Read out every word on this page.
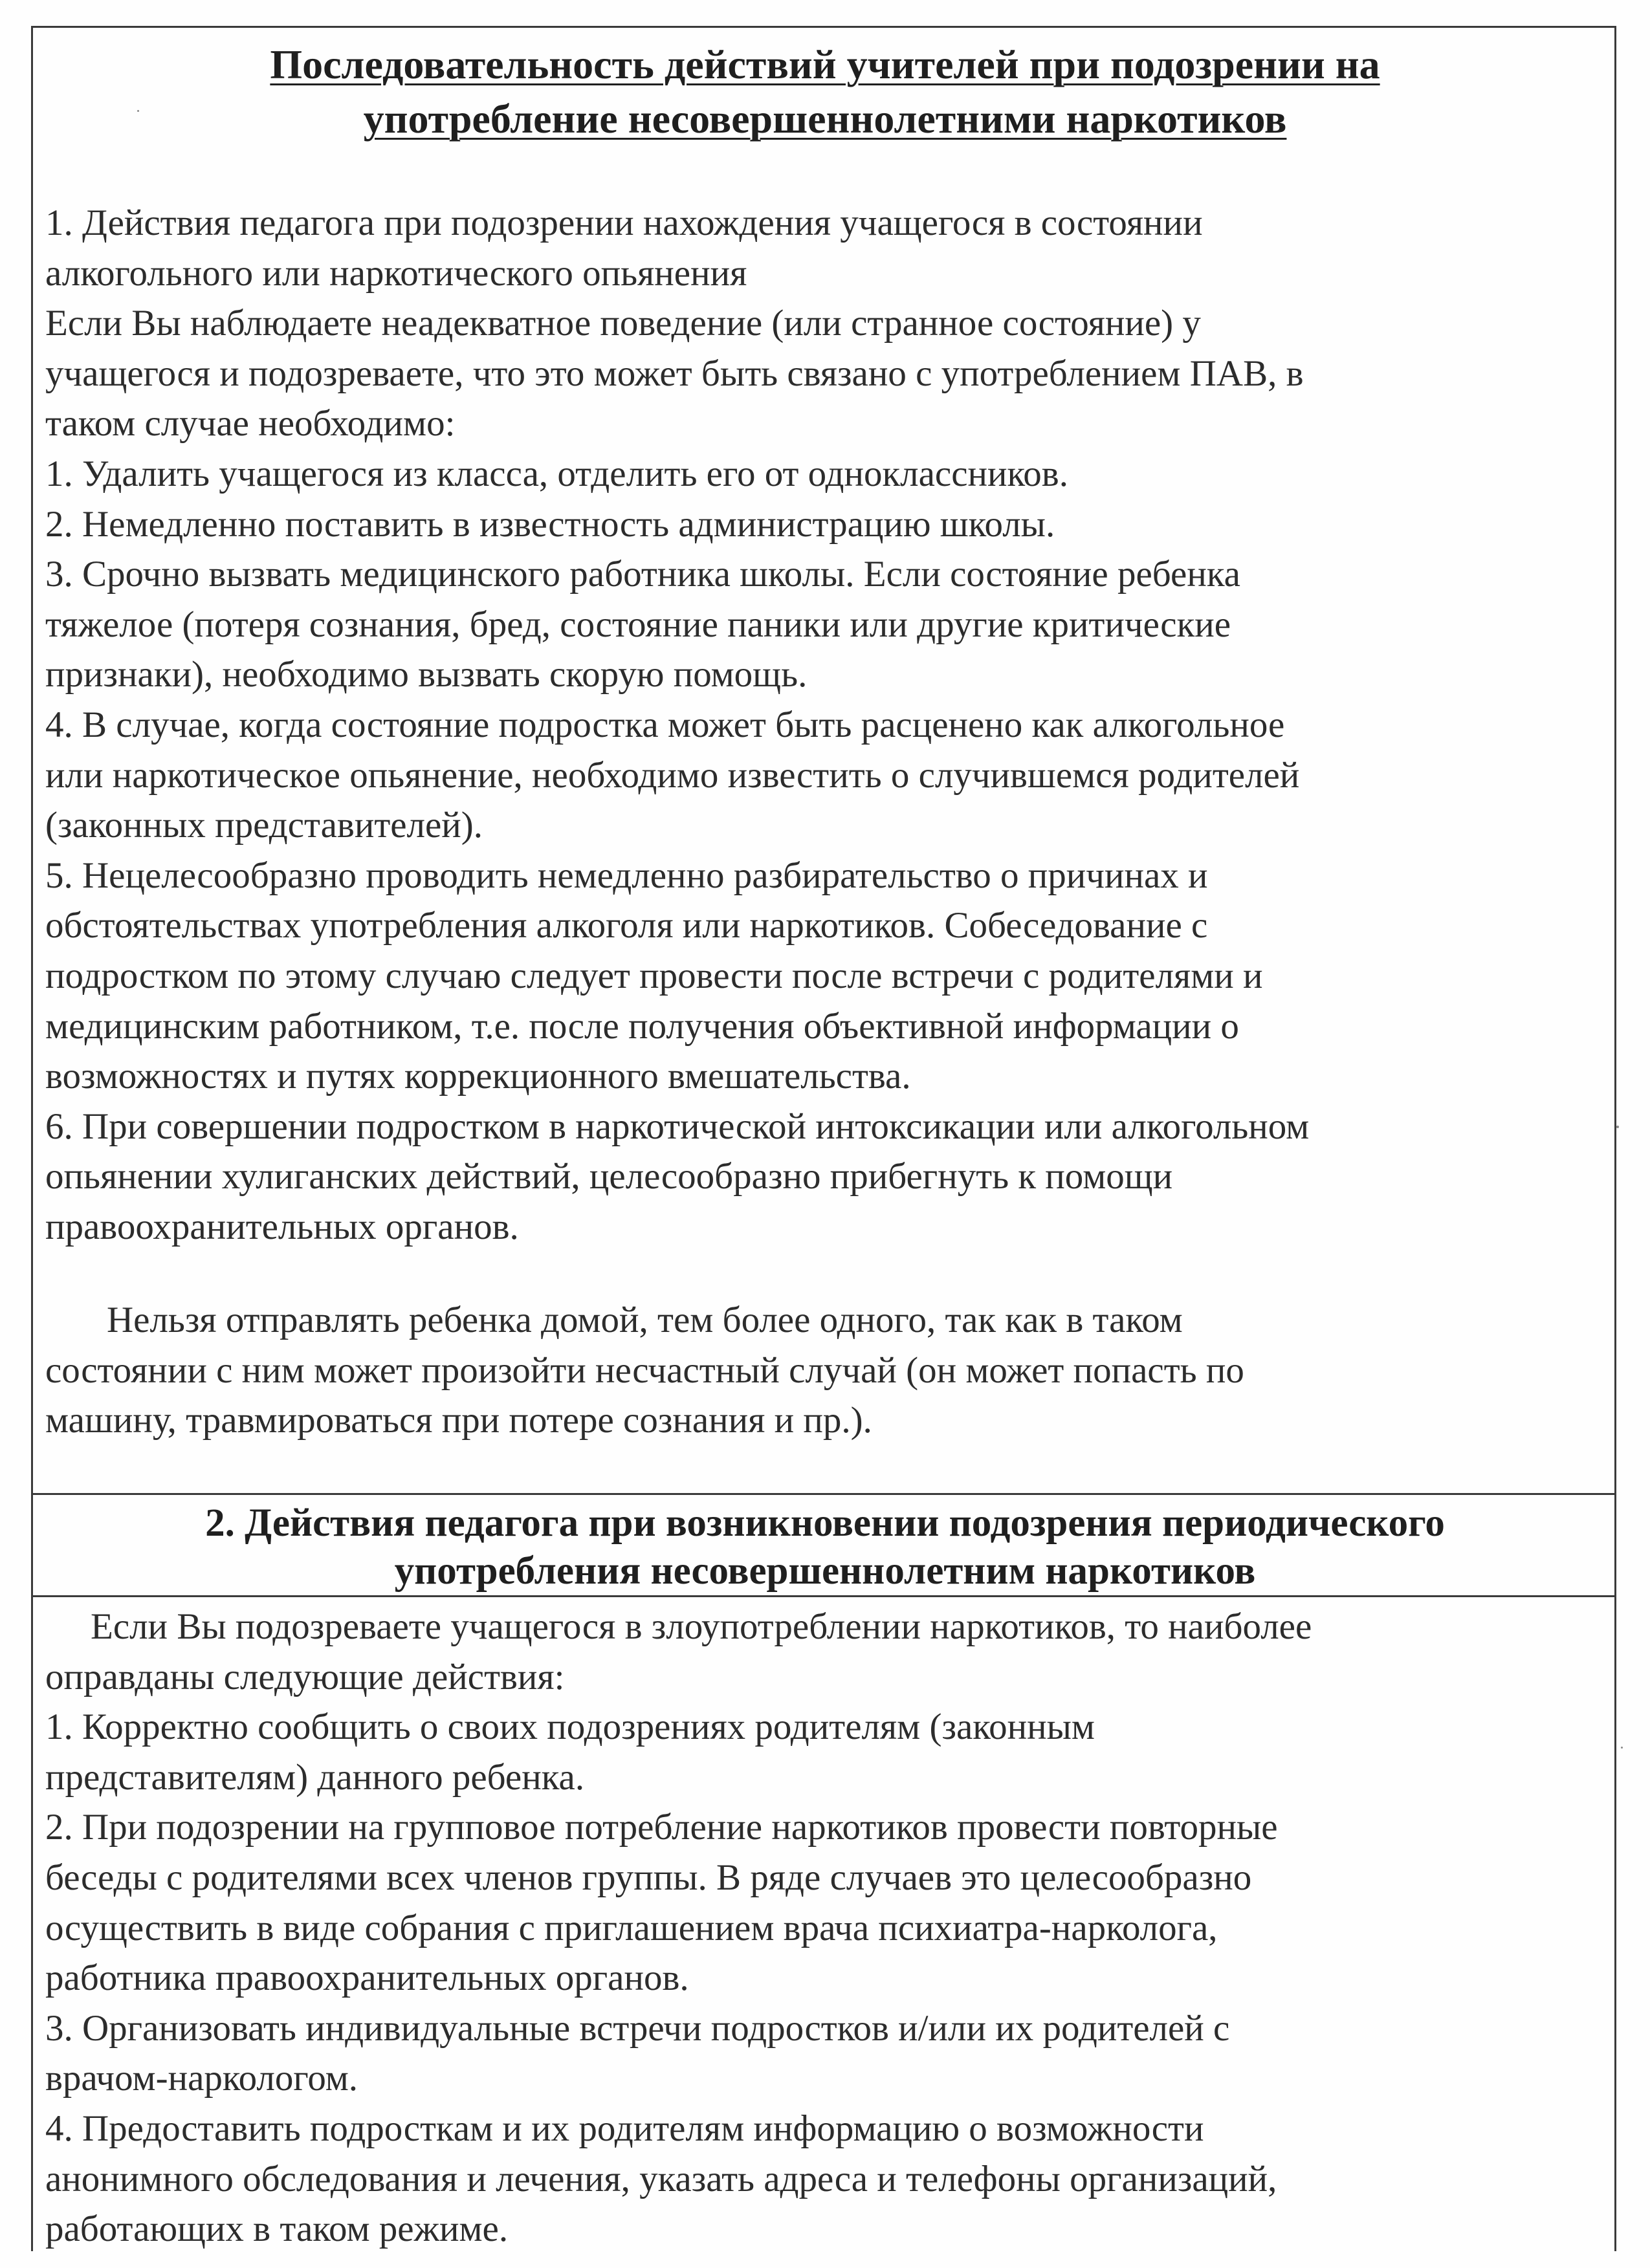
Последовательность действий учителей при подозрении на
употребление несовершеннолетними наркотиков
1. Действия педагога при подозрении нахождения учащегося в состоянии
алкогольного или наркотического опьянения
Если Вы наблюдаете неадекватное поведение (или странное состояние) у
учащегося и подозреваете, что это может быть связано с употреблением ПАВ, в
таком случае необходимо:
1. Удалить учащегося из класса, отделить его от одноклассников.
2. Немедленно поставить в известность администрацию школы.
3. Срочно вызвать медицинского работника школы. Если состояние ребенка
тяжелое (потеря сознания, бред, состояние паники или другие критические
признаки), необходимо вызвать скорую помощь.
4. В случае, когда состояние подростка может быть расценено как алкогольное
или наркотическое опьянение, необходимо известить о случившемся родителей
(законных представителей).
5. Нецелесообразно проводить немедленно разбирательство о причинах и
обстоятельствах употребления алкоголя или наркотиков. Собеседование с
подростком по этому случаю следует провести после встречи с родителями и
медицинским работником, т.е. после получения объективной информации о
возможностях и путях коррекционного вмешательства.
6. При совершении подростком в наркотической интоксикации или алкогольном
опьянении хулиганских действий, целесообразно прибегнуть к помощи
правоохранительных органов.
Нельзя отправлять ребенка домой, тем более одного, так как в таком
состоянии с ним может произойти несчастный случай (он может попасть по
машину, травмироваться при потере сознания и пр.).
2. Действия педагога при возникновении подозрения периодического
употребления несовершеннолетним наркотиков
Если Вы подозреваете учащегося в злоупотреблении наркотиков, то наиболее
оправданы следующие действия:
1. Корректно сообщить о своих подозрениях родителям (законным
представителям) данного ребенка.
2. При подозрении на групповое потребление наркотиков провести повторные
беседы с родителями всех членов группы. В ряде случаев это целесообразно
осуществить в виде собрания с приглашением врача психиатра-нарколога,
работника правоохранительных органов.
3. Организовать индивидуальные встречи подростков и/или их родителей с
врачом-наркологом.
4. Предоставить подросткам и их родителям информацию о возможности
анонимного обследования и лечения, указать адреса и телефоны организаций,
работающих в таком режиме.
